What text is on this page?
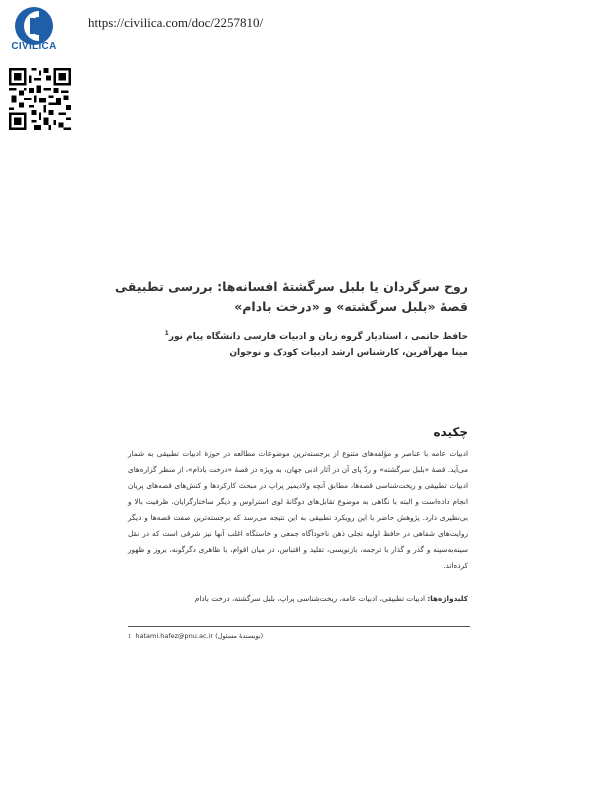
CIVILICA
https://civilica.com/doc/2257810/
روح سرگردان یا بلبل سرگشتهٔ افسانه‌ها: بررسی تطبیقی قصهٔ «بلبل سرگشته» و «درخت بادام»
حافظ حاتمی ، استادیار گروه زبان و ادبیات فارسی دانشگاه پیام نور$^1$
مینا مهرآفرین، کارشناس ارشد ادبیات کودک و نوجوان
چکیده
ادبیات عامه با عناصر و مؤلفه‌های متنوع از برجسته‌ترین موضوعات مطالعه در حوزهٔ ادبیات تطبیقی به شمار می‌آید. قصهٔ «بلبل سرگشته» و ردّ پای آن در آثار ادبی جهان، به ویژه در قصهٔ «درخت بادام»، از منظر گزاره‌های ادبیات تطبیقی و ریخت‌شناسی قصه‌ها، مطابق آنچه ولادیمیر پراپ در مبحث کارکردها و کنش‌های قصه‌های پریان انجام داده‌است و البته با نگاهی به موضوع تقابل‌های دوگانهٔ لوی استراوس و دیگر ساختارگرایان، ظرفیت بالا و بی‌نظیری دارد. پژوهش حاضر با این رویکرد تطبیقی به این نتیجه می‌رسد که برجسته‌ترین صفت قصه‌ها و دیگر روایت‌های شفاهی در حافظ اولیه تجلی ذهن ناخودآگاه جمعی و خاستگاه اغلب آنها نیز شرقی است که در نقل سینه‌به‌سینه و گذر و گذار با ترجمه، بازنویسی، تقلید و اقتباس، در میان اقوام، با ظاهری دگرگونه، بروز و ظهور کرده‌اند.
کلیدواژه‌ها: ادبیات تطبیقی، ادبیات عامه، ریخت‌شناسی پراپ، بلبل سرگشته، درخت بادام
1 hatami.hafez@pnu.ac.ir (نویسندهٔ مسئول)
